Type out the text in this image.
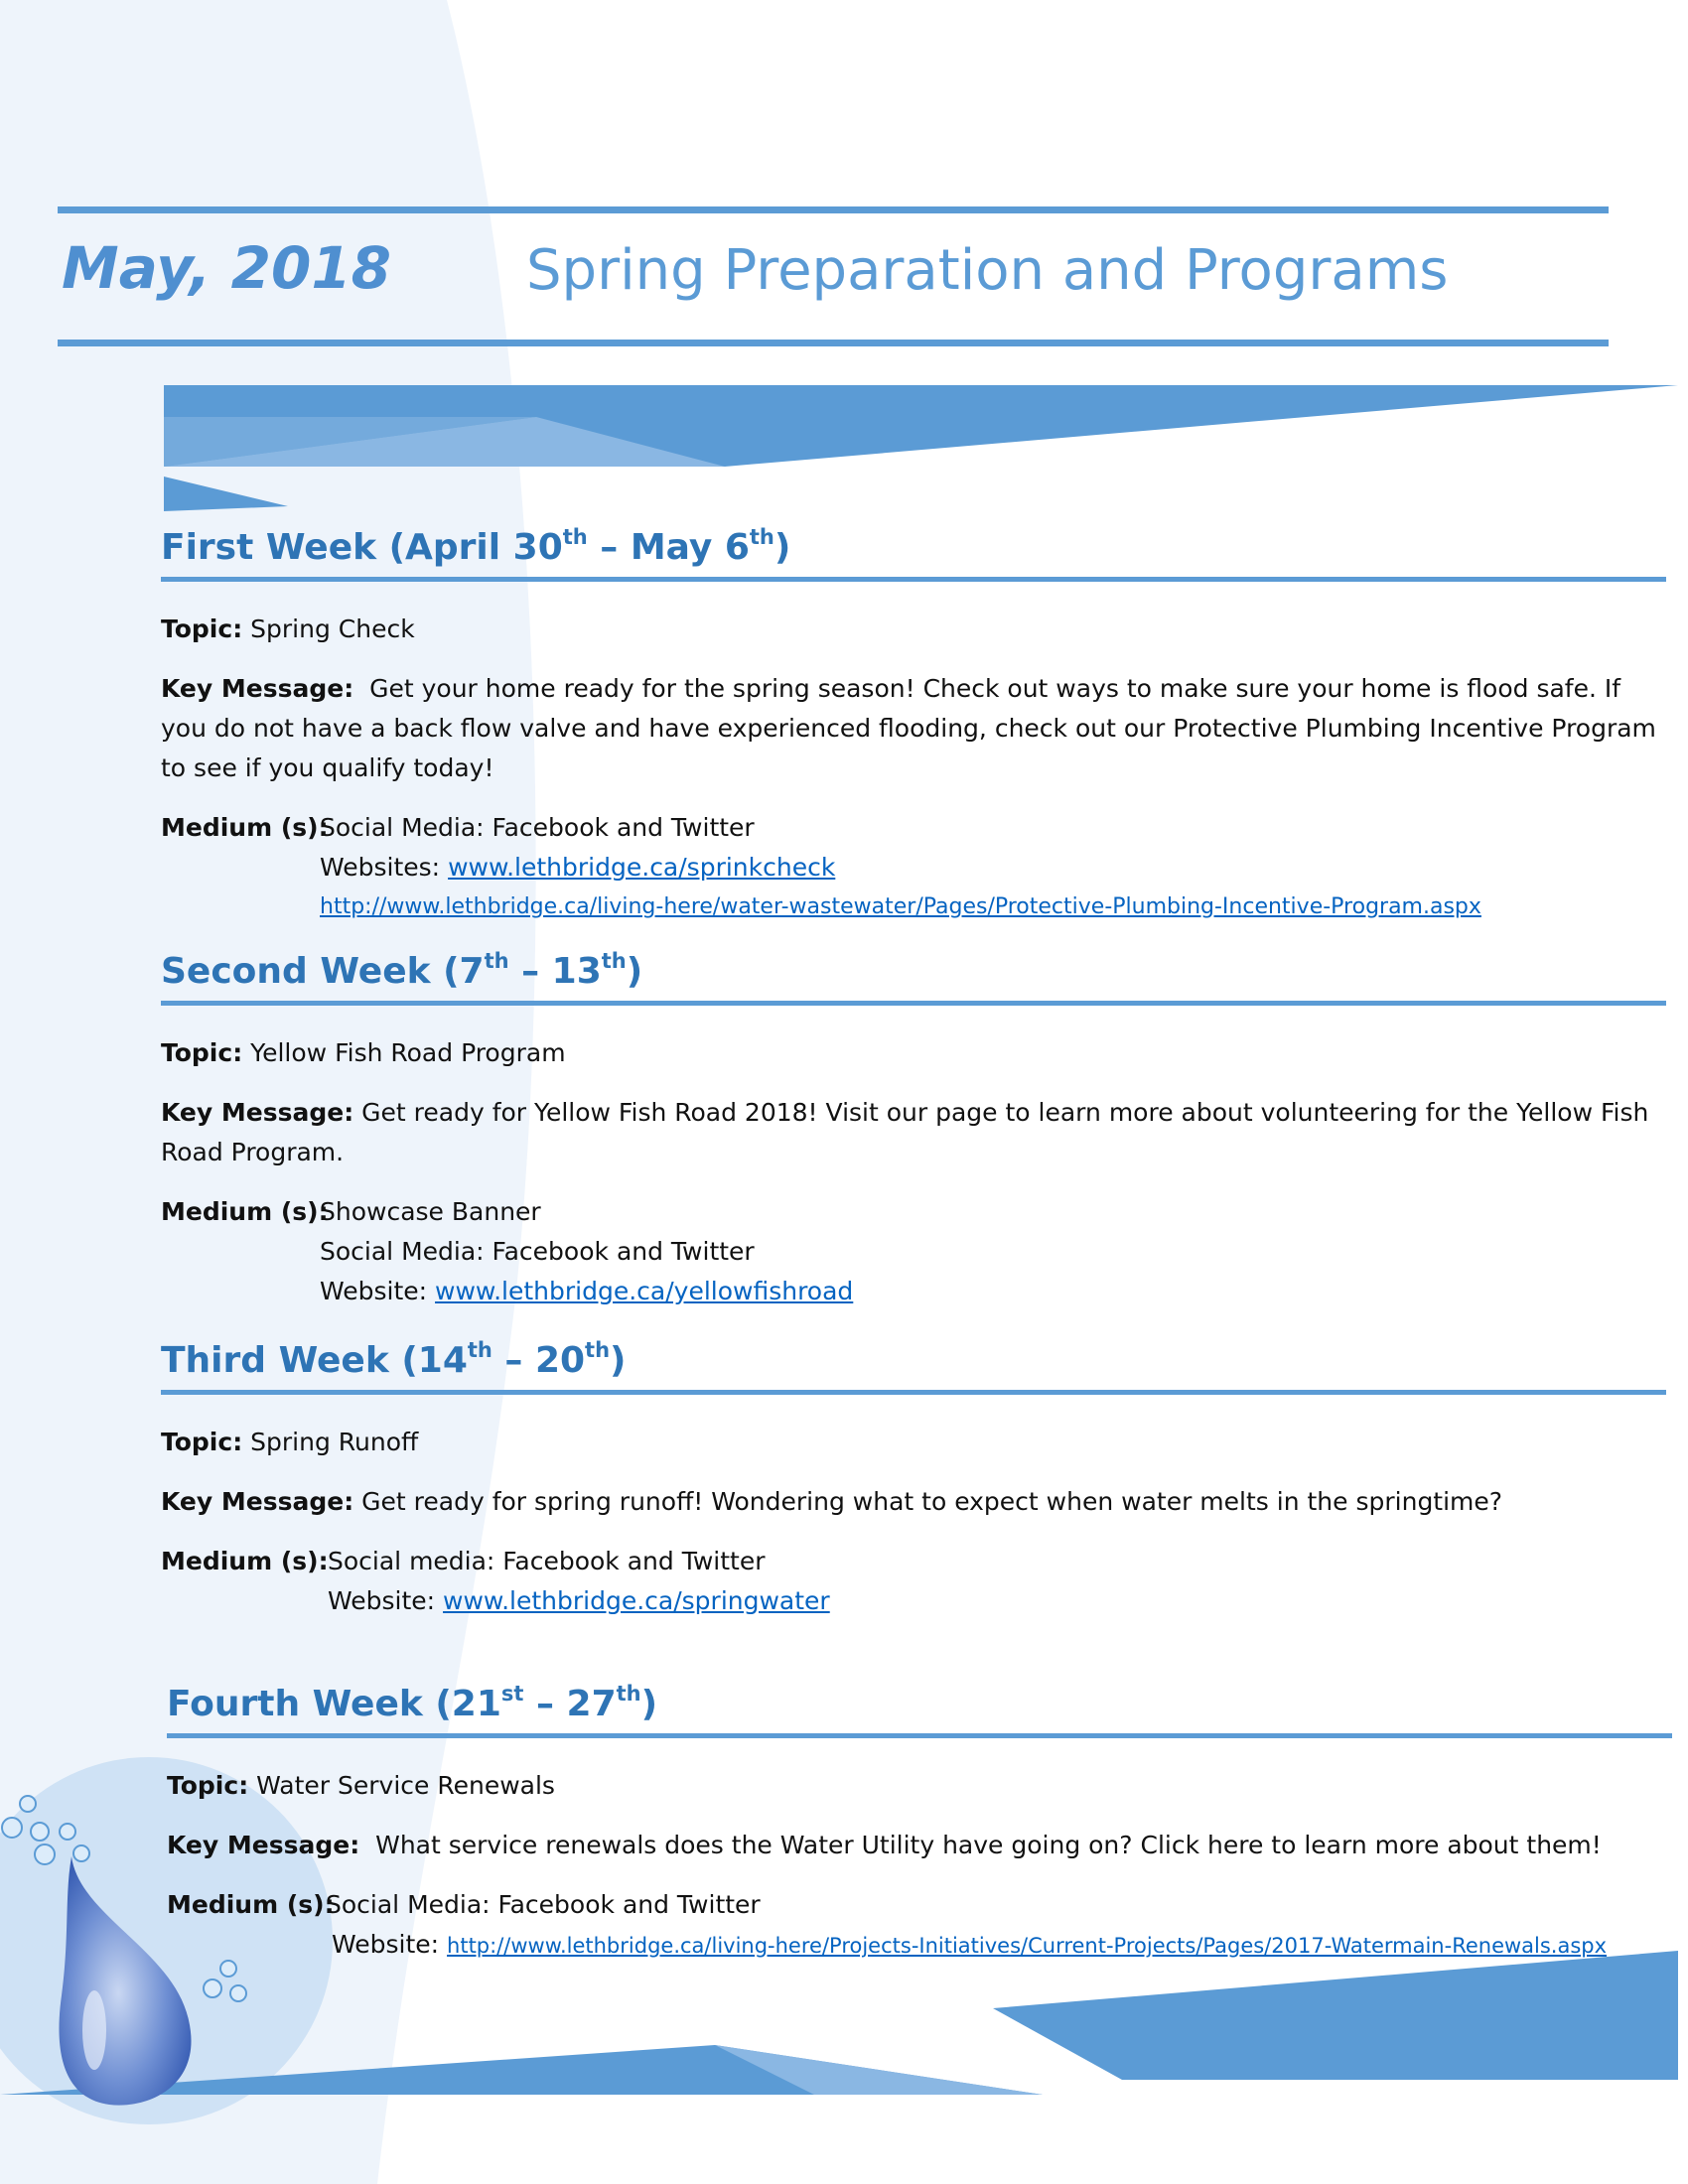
May, 2018 Spring Preparation and Programs
First Week (April 30th – May 6th)
Topic: Spring Check
Key Message: Get your home ready for the spring season! Check out ways to make sure your home is flood safe. If you do not have a back flow valve and have experienced flooding, check out our Protective Plumbing Incentive Program to see if you qualify today!
Medium (s):
Social Media: Facebook and Twitter
Websites: www.lethbridge.ca/sprinkcheck
http://www.lethbridge.ca/living-here/water-wastewater/Pages/Protective-Plumbing-Incentive-Program.aspx
Second Week (7th – 13th)
Topic: Yellow Fish Road Program
Key Message: Get ready for Yellow Fish Road 2018! Visit our page to learn more about volunteering for the Yellow Fish Road Program.
Medium (s):
Showcase Banner
Social Media: Facebook and Twitter
Website: www.lethbridge.ca/yellowfishroad
Third Week (14th – 20th)
Topic: Spring Runoff
Key Message: Get ready for spring runoff! Wondering what to expect when water melts in the springtime?
Medium (s): Social media: Facebook and Twitter
Website: www.lethbridge.ca/springwater
Fourth Week (21st – 27th)
Topic: Water Service Renewals
Key Message: What service renewals does the Water Utility have going on? Click here to learn more about them!
Medium (s):
Social Media: Facebook and Twitter
Website: http://www.lethbridge.ca/living-here/Projects-Initiatives/Current-Projects/Pages/2017-Watermain-Renewals.aspx
